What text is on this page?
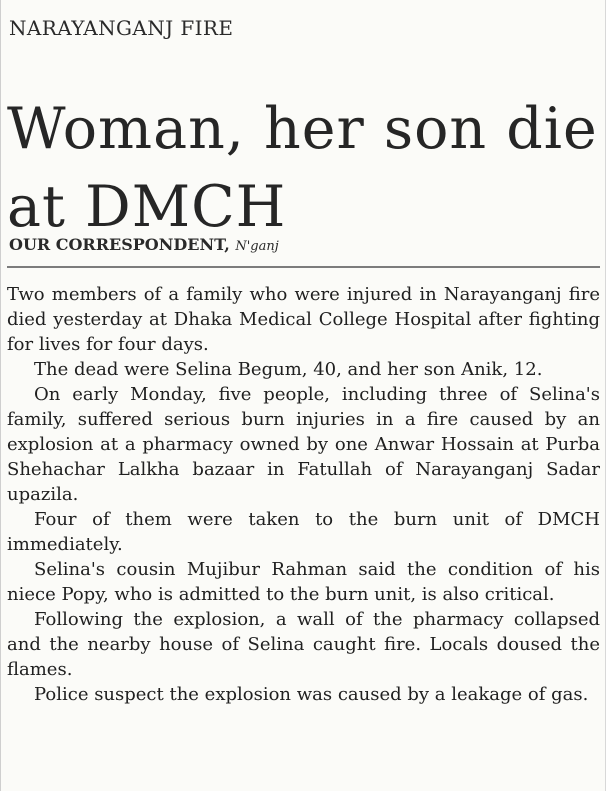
NARAYANGANJ FIRE
Woman, her son die at DMCH
OUR CORRESPONDENT, N'ganj

Two members of a family who were injured in Narayanganj fire died yesterday at Dhaka Medical College Hospital after fighting for lives for four days.

The dead were Selina Begum, 40, and her son Anik, 12.

On early Monday, five people, including three of Selina's family, suffered serious burn injuries in a fire caused by an explosion at a pharmacy owned by one Anwar Hossain at Purba Shehachar Lalkha bazaar in Fatullah of Narayanganj Sadar upazila.

Four of them were taken to the burn unit of DMCH immediately.

Selina's cousin Mujibur Rahman said the condition of his niece Popy, who is admitted to the burn unit, is also critical.

Following the explosion, a wall of the pharmacy collapsed and the nearby house of Selina caught fire. Locals doused the flames.

Police suspect the explosion was caused by a leakage of gas.
